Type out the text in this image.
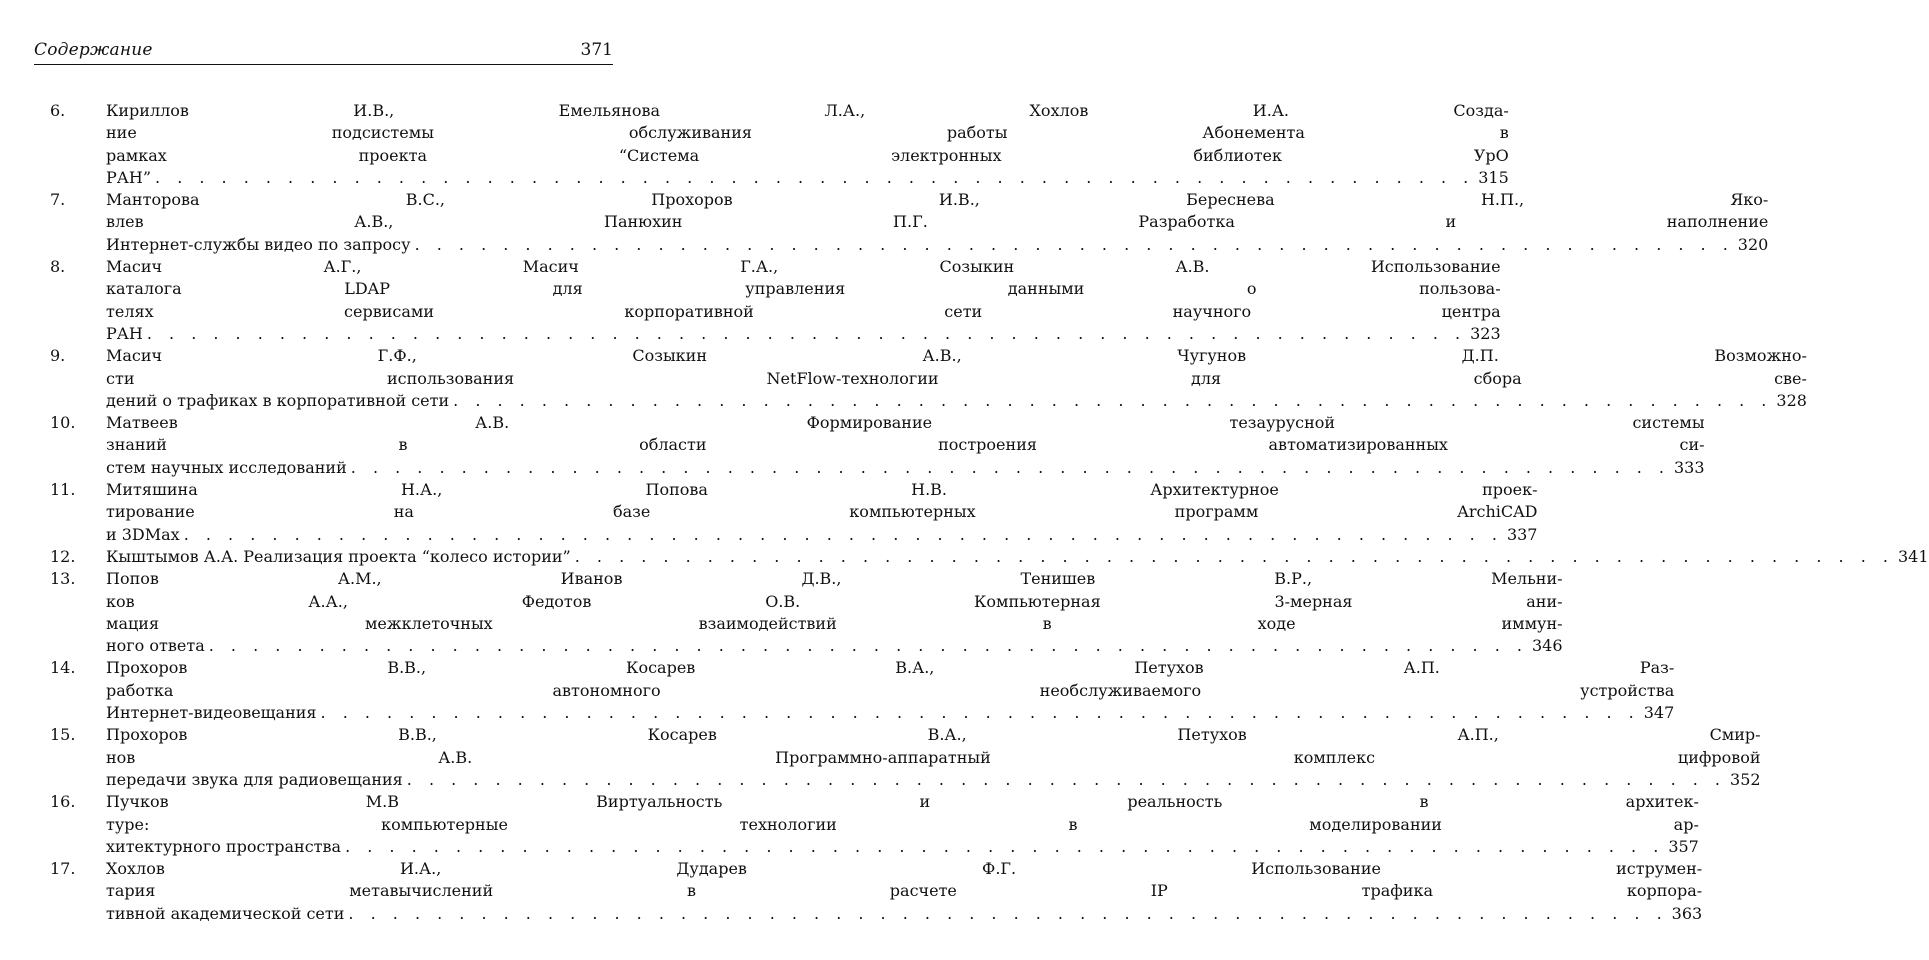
Содержание	371
6.	Кириллов И.В., Емельянова Л.А., Хохлов И.А. Созда-
ние подсистемы обслуживания работы Абонемента в
рамках проекта “Система электронных библиотек УрО
РАН” . . . . . . . . . . . . . . . . . . . . . . . . . . . . . . . . . . . . . . . . . . . . . . . . . . . . . . . . . . . . 315
7.	Манторова В.С., Прохоров И.В., Береснева Н.П., Яко-
влев А.В., Панюхин П.Г. Разработка и наполнение
Интернет-службы видео по запросу . . . . . . . . . . . . . . . . . . . . . . . . . . . . . . . . . . . . . . . . . . . . . . . . . . . . . . . . . . . . 320
8.	Масич А.Г., Масич Г.А., Созыкин А.В. Использование
каталога LDAP для управления данными о пользова-
телях сервисами корпоративной сети научного центра
РАН . . . . . . . . . . . . . . . . . . . . . . . . . . . . . . . . . . . . . . . . . . . . . . . . . . . . . . . . . . . . 323
9.	Масич Г.Ф., Созыкин А.В., Чугунов Д.П. Возможно-
сти использования NetFlow-технологии для сбора све-
дений о трафиках в корпоративной сети . . . . . . . . . . . . . . . . . . . . . . . . . . . . . . . . . . . . . . . . . . . . . . . . . . . . . . . . . . . . 328
10.	Матвеев А.В. Формирование тезаурусной системы
знаний в области построения автоматизированных си-
стем научных исследований . . . . . . . . . . . . . . . . . . . . . . . . . . . . . . . . . . . . . . . . . . . . . . . . . . . . . . . . . . . . 333
11.	Митяшина Н.А., Попова Н.В. Архитектурное проек-
тирование на базе компьютерных программ ArchiCAD
и 3DMax . . . . . . . . . . . . . . . . . . . . . . . . . . . . . . . . . . . . . . . . . . . . . . . . . . . . . . . . . . . . 337
12.	Кыштымов А.А. Реализация проекта “колесо истории” . . . . . . . . . . . . . . . . . . . . . . . . . . . . . . . . . . . . . . . . . . . . . . . . . . . . . . . . . . . . 341
13.	Попов А.М., Иванов Д.В., Тенишев В.Р., Мельни-
ков А.А., Федотов О.В. Компьютерная 3-мерная ани-
мация межклеточных взаимодействий в ходе иммун-
ного ответа . . . . . . . . . . . . . . . . . . . . . . . . . . . . . . . . . . . . . . . . . . . . . . . . . . . . . . . . . . . . 346
14.	Прохоров В.В., Косарев В.А., Петухов А.П. Раз-
работка автономного необслуживаемого устройства
Интернет-видеовещания . . . . . . . . . . . . . . . . . . . . . . . . . . . . . . . . . . . . . . . . . . . . . . . . . . . . . . . . . . . . 347
15.	Прохоров В.В., Косарев В.А., Петухов А.П., Смир-
нов А.В. Программно-аппаратный комплекс цифровой
передачи звука для радиовещания . . . . . . . . . . . . . . . . . . . . . . . . . . . . . . . . . . . . . . . . . . . . . . . . . . . . . . . . . . . . 352
16.	Пучков М.В Виртуальность и реальность в архитек-
туре: компьютерные технологии в моделировании ар-
хитектурного пространства . . . . . . . . . . . . . . . . . . . . . . . . . . . . . . . . . . . . . . . . . . . . . . . . . . . . . . . . . . . . 357
17.	Хохлов И.А., Дударев Ф.Г. Использование иструмен-
тария метавычислений в расчете IP трафика корпора-
тивной академической сети . . . . . . . . . . . . . . . . . . . . . . . . . . . . . . . . . . . . . . . . . . . . . . . . . . . . . . . . . . . . 363
